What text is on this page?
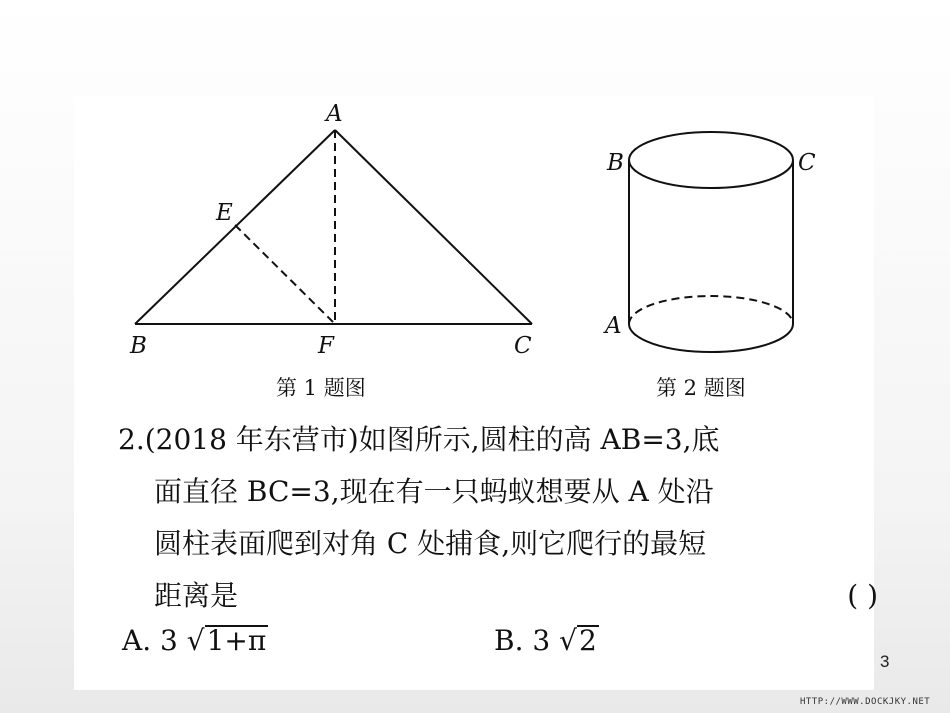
A
E
B	F	C
B	C
A
第 1 题图	第 2 题图
2.(2018 年东营市)如图所示,圆柱的高 AB=3,底
面直径 BC=3,现在有一只蚂蚁想要从 A 处沿
圆柱表面爬到对角 C 处捕食,则它爬行的最短
距离是	( )
A. 3 √1+π	B. 3 √2
3
HTTP://WWW.DOCKJKY.NET
